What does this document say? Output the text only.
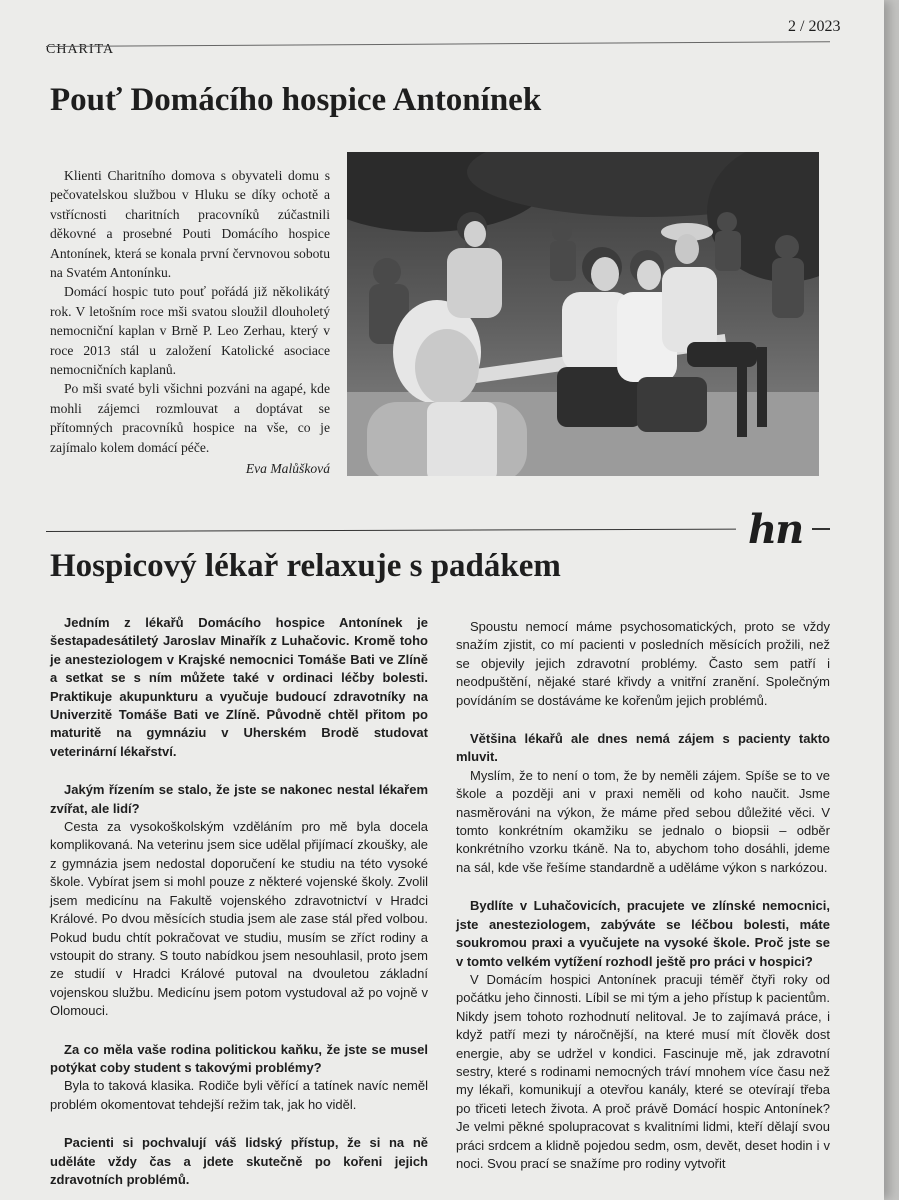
CHARITA
2 / 2023
Pouť Domácího hospice Antonínek

Klienti Charitního domova s obyvateli domu s pečovatelskou službou v Hluku se díky ochotě a vstřícnosti charitních pracovníků zúčastnili děkovné a prosebné Pouti Domácího hospice Antonínek, která se konala první červnovou sobotu na Svatém Antonínku.

Domácí hospic tuto pouť pořádá již několikátý rok. V letošním roce mši svatou sloužil dlouholetý nemocniční kaplan v Brně P. Leo Zerhau, který v roce 2013 stál u založení Katolické asociace nemocničních kaplanů.

Po mši svaté byli všichni pozváni na agapé, kde mohli zájemci rozmlouvat a doptávat se přítomných pracovníků hospice na vše, co je zajímalo kolem domácí péče.

Eva Malůšková
hn
Hospicový lékař relaxuje s padákem

Jedním z lékařů Domácího hospice Antonínek je šestapadesátiletý Jaroslav Minařík z Luhačovic. Kromě toho je anesteziologem v Krajské nemocnici Tomáše Bati ve Zlíně a setkat se s ním můžete také v ordinaci léčby bolesti. Praktikuje akupunkturu a vyučuje budoucí zdravotníky na Univerzitě Tomáše Bati ve Zlíně. Původně chtěl přitom po maturitě na gymnáziu v Uherském Brodě studovat veterinární lékařství.

Jakým řízením se stalo, že jste se nakonec nestal lékařem zvířat, ale lidí?

Cesta za vysokoškolským vzděláním pro mě byla docela komplikovaná. Na veterinu jsem sice udělal přijímací zkoušky, ale z gymnázia jsem nedostal doporučení ke studiu na této vysoké škole. Vybírat jsem si mohl pouze z některé vojenské školy. Zvolil jsem medicínu na Fakultě vojenského zdravotnictví v Hradci Králové. Po dvou měsících studia jsem ale zase stál před volbou. Pokud budu chtít pokračovat ve studiu, musím se zříct rodiny a vstoupit do strany. S touto nabídkou jsem nesouhlasil, proto jsem ze studií v Hradci Králové putoval na dvouletou základní vojenskou službu. Medicínu jsem potom vystudoval až po vojně v Olomouci.

Za co měla vaše rodina politickou kaňku, že jste se musel potýkat coby student s takovými problémy?

Byla to taková klasika. Rodiče byli věřící a tatínek navíc neměl problém okomentovat tehdejší režim tak, jak ho viděl.

Pacienti si pochvalují váš lidský přístup, že si na ně uděláte vždy čas a jdete skutečně po kořeni jejich zdravotních problémů.

Spoustu nemocí máme psychosomatických, proto se vždy snažím zjistit, co mí pacienti v posledních měsících prožili, než se objevily jejich zdravotní problémy. Často sem patří i neodpuštění, nějaké staré křivdy a vnitřní zranění. Společným povídáním se dostáváme ke kořenům jejich problémů.

Většina lékařů ale dnes nemá zájem s pacienty takto mluvit.

Myslím, že to není o tom, že by neměli zájem. Spíše se to ve škole a později ani v praxi neměli od koho naučit. Jsme nasměrováni na výkon, že máme před sebou důležité věci. V tomto konkrétním okamžiku se jednalo o biopsii – odběr konkrétního vzorku tkáně. Na to, abychom toho dosáhli, jdeme na sál, kde vše řešíme standardně a uděláme výkon s narkózou.

Bydlíte v Luhačovicích, pracujete ve zlínské nemocnici, jste anesteziologem, zabýváte se léčbou bolesti, máte soukromou praxi a vyučujete na vysoké škole. Proč jste se v tomto velkém vytížení rozhodl ještě pro práci v hospici?

V Domácím hospici Antonínek pracuji téměř čtyři roky od počátku jeho činnosti. Líbil se mi tým a jeho přístup k pacientům. Nikdy jsem tohoto rozhodnutí nelitoval. Je to zajímavá práce, i když patří mezi ty náročnější, na které musí mít člověk dost energie, aby se udržel v kondici. Fascinuje mě, jak zdravotní sestry, které s rodinami nemocných tráví mnohem více času než my lékaři, komunikují a otevřou kanály, které se otevírají třeba po třiceti letech života. A proč právě Domácí hospic Antonínek? Je velmi pěkné spolupracovat s kvalitními lidmi, kteří dělají svou práci srdcem a klidně pojedou sedm, osm, devět, deset hodin i v noci. Svou prací se snažíme pro rodiny vytvořit
